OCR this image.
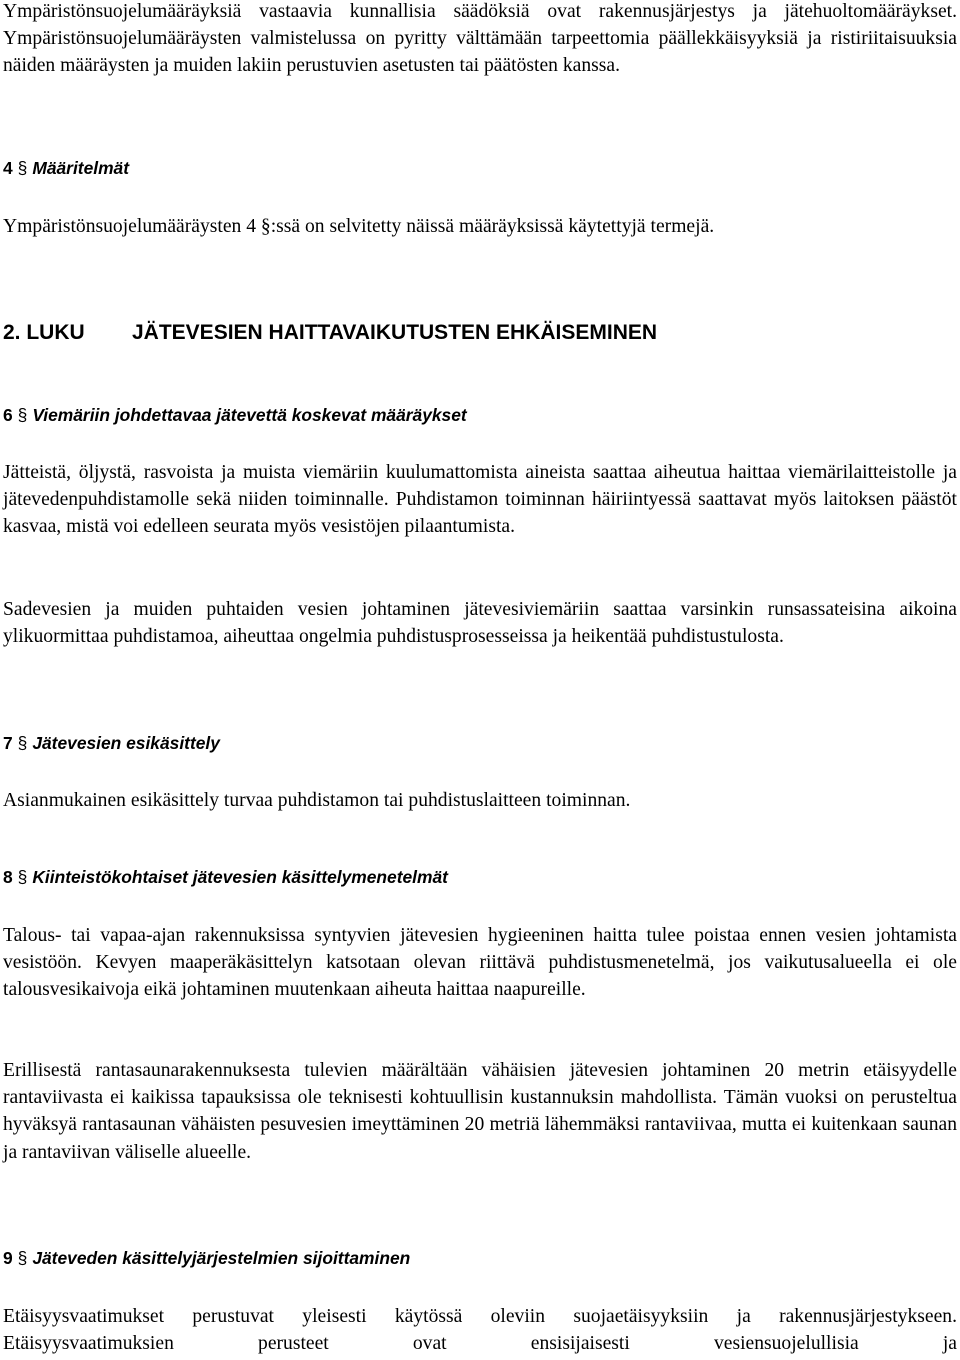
Ympäristönsuojelumääräyksiä vastaavia kunnallisia säädöksiä ovat rakennusjärjestys ja jätehuoltomääräykset. Ympäristönsuojelumääräysten valmistelussa on pyritty välttämään tarpeettomia päällekkäisyyksiä ja ristiriitaisuuksia näiden määräysten ja muiden lakiin perustuvien asetusten tai päätösten kanssa.

4 § Määritelmät

Ympäristönsuojelumääräysten 4 §:ssä on selvitetty näissä määräyksissä käytettyjä termejä.

2. LUKU JÄTEVESIEN HAITTAVAIKUTUSTEN EHKÄISEMINEN

6 § Viemäriin johdettavaa jätevettä koskevat määräykset

Jätteistä, öljystä, rasvoista ja muista viemäriin kuulumattomista aineista saattaa aiheutua haittaa viemärilaitteistolle ja jätevedenpuhdistamolle sekä niiden toiminnalle. Puhdistamon toiminnan häiriintyessä saattavat myös laitoksen päästöt kasvaa, mistä voi edelleen seurata myös vesistöjen pilaantumista.

Sadevesien ja muiden puhtaiden vesien johtaminen jätevesiviemäriin saattaa varsinkin runsassateisina aikoina ylikuormittaa puhdistamoa, aiheuttaa ongelmia puhdistusprosesseissa ja heikentää puhdistustulosta.

7 § Jätevesien esikäsittely

Asianmukainen esikäsittely turvaa puhdistamon tai puhdistuslaitteen toiminnan.

8 § Kiinteistökohtaiset jätevesien käsittelymenetelmät

Talous- tai vapaa-ajan rakennuksissa syntyvien jätevesien hygieeninen haitta tulee poistaa ennen vesien johtamista vesistöön. Kevyen maaperäkäsittelyn katsotaan olevan riittävä puhdistusmenetelmä, jos vaikutusalueella ei ole talousvesikaivoja eikä johtaminen muutenkaan aiheuta haittaa naapureille.

Erillisestä rantasaunarakennuksesta tulevien määrältään vähäisien jätevesien johtaminen 20 metrin etäisyydelle rantaviivasta ei kaikissa tapauksissa ole teknisesti kohtuullisin kustannuksin mahdollista. Tämän vuoksi on perusteltua hyväksyä rantasaunan vähäisten pesuvesien imeyttäminen 20 metriä lähemmäksi rantaviivaa, mutta ei kuitenkaan saunan ja rantaviivan väliselle alueelle.

9 § Jäteveden käsittelyjärjestelmien sijoittaminen

Etäisyysvaatimukset perustuvat yleisesti käytössä oleviin suojaetäisyyksiin ja rakennusjärjestykseen. Etäisyysvaatimuksien perusteet ovat ensisijaisesti vesiensuojelullisia ja
